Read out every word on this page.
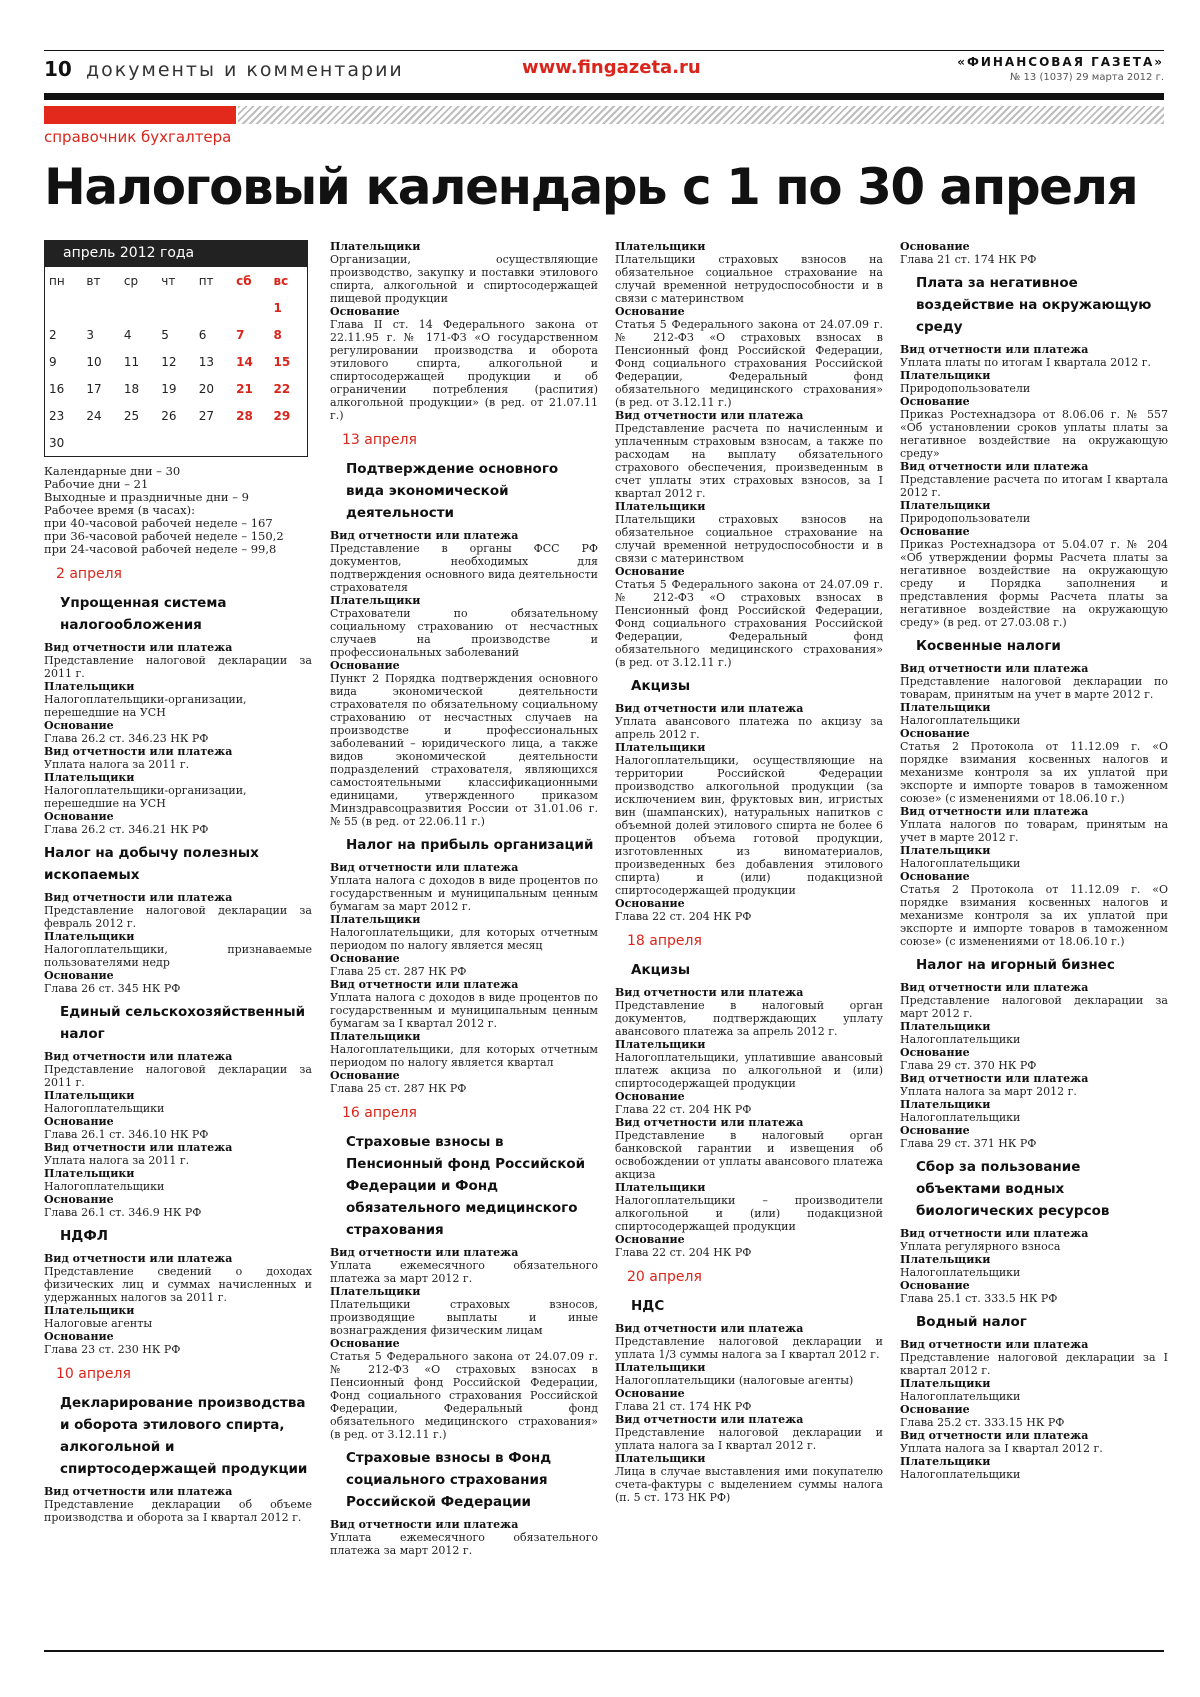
10 документы и комментарии	www.fingazeta.ru	«ФИНАНСОВАЯ ГАЗЕТА»
№ 13 (1037) 29 марта 2012 г.
справочник бухгалтера
Налоговый календарь с 1 по 30 апреля
апрель 2012 года
пн	вт	ср	чт	пт	сб	вс
						1
2	3	4	5	6	7	8
9	10	11	12	13	14	15
16	17	18	19	20	21	22
23	24	25	26	27	28	29
30						

Календарные дни – 30

Рабочие дни – 21

Выходные и праздничные дни – 9

Рабочее время (в часах):

при 40-часовой рабочей неделе – 167

при 36-часовой рабочей неделе – 150,2

при 24-часовой рабочей неделе – 99,8

2 апреля
Упрощенная система налогообложения
Вид отчетности или платежа
Представление налоговой декларации за 2011 г.
Плательщики
Налогоплательщики-организации, перешедшие на УСН
Основание
Глава 26.2 ст. 346.23 НК РФ
Вид отчетности или платежа
Уплата налога за 2011 г.
Плательщики
Налогоплательщики-организации, перешедшие на УСН
Основание
Глава 26.2 ст. 346.21 НК РФ
Налог на добычу полезных ископаемых
Вид отчетности или платежа
Представление налоговой декларации за февраль 2012 г.
Плательщики
Налогоплательщики, признаваемые пользователями недр
Основание
Глава 26 ст. 345 НК РФ
Единый сельскохозяйственный налог
Вид отчетности или платежа
Представление налоговой декларации за 2011 г.
Плательщики
Налогоплательщики
Основание
Глава 26.1 ст. 346.10 НК РФ
Вид отчетности или платежа
Уплата налога за 2011 г.
Плательщики
Налогоплательщики
Основание
Глава 26.1 ст. 346.9 НК РФ
НДФЛ
Вид отчетности или платежа
Представление сведений о доходах физических лиц и суммах начисленных и удержанных налогов за 2011 г.
Плательщики
Налоговые агенты
Основание
Глава 23 ст. 230 НК РФ
10 апреля
Декларирование производства и оборота этилового спирта, алкогольной и спиртосодержащей продукции
Вид отчетности или платежа
Представление декларации об объеме производства и оборота за I квартал 2012 г.
Плательщики
Организации, осуществляющие производство, закупку и поставки этилового спирта, алкогольной и спиртосодержащей пищевой продукции
Основание
Глава II ст. 14 Федерального закона от 22.11.95 г. № 171-ФЗ «О государственном регулировании производства и оборота этилового спирта, алкогольной и спиртосодержащей продукции и об ограничении потребления (распития) алкогольной продукции» (в ред. от 21.07.11 г.)
13 апреля
Подтверждение основного вида экономической деятельности
Вид отчетности или платежа
Представление в органы ФСС РФ документов, необходимых для подтверждения основного вида деятельности страхователя
Плательщики
Страхователи по обязательному социальному страхованию от несчастных случаев на производстве и профессиональных заболеваний
Основание
Пункт 2 Порядка подтверждения основного вида экономической деятельности страхователя по обязательному социальному страхованию от несчастных случаев на производстве и профессиональных заболеваний – юридического лица, а также видов экономической деятельности подразделений страхователя, являющихся самостоятельными классификационными единицами, утвержденного приказом Минздравсоцразвития России от 31.01.06 г. № 55 (в ред. от 22.06.11 г.)
Налог на прибыль организаций
Вид отчетности или платежа
Уплата налога с доходов в виде процентов по государственным и муниципальным ценным бумагам за март 2012 г.
Плательщики
Налогоплательщики, для которых отчетным периодом по налогу является месяц
Основание
Глава 25 ст. 287 НК РФ
Вид отчетности или платежа
Уплата налога с доходов в виде процентов по государственным и муниципальным ценным бумагам за I квартал 2012 г.
Плательщики
Налогоплательщики, для которых отчетным периодом по налогу является квартал
Основание
Глава 25 ст. 287 НК РФ
16 апреля
Страховые взносы в Пенсионный фонд Российской Федерации и Фонд обязательного медицинского страхования
Вид отчетности или платежа
Уплата ежемесячного обязательного платежа за март 2012 г.
Плательщики
Плательщики страховых взносов, производящие выплаты и иные вознаграждения физическим лицам
Основание
Статья 5 Федерального закона от 24.07.09 г. № 212-ФЗ «О страховых взносах в Пенсионный фонд Российской Федерации, Фонд социального страхования Российской Федерации, Федеральный фонд обязательного медицинского страхования» (в ред. от 3.12.11 г.)
Страховые взносы в Фонд социального страхования Российской Федерации
Вид отчетности или платежа
Уплата ежемесячного обязательного платежа за март 2012 г.
Плательщики
Плательщики страховых взносов на обязательное социальное страхование на случай временной нетрудоспособности и в связи с материнством
Основание
Статья 5 Федерального закона от 24.07.09 г. № 212-ФЗ «О страховых взносах в Пенсионный фонд Российской Федерации, Фонд социального страхования Российской Федерации, Федеральный фонд обязательного медицинского страхования» (в ред. от 3.12.11 г.)
Вид отчетности или платежа
Представление расчета по начисленным и уплаченным страховым взносам, а также по расходам на выплату обязательного страхового обеспечения, произведенным в счет уплаты этих страховых взносов, за I квартал 2012 г.
Плательщики
Плательщики страховых взносов на обязательное социальное страхование на случай временной нетрудоспособности и в связи с материнством
Основание
Статья 5 Федерального закона от 24.07.09 г. № 212-ФЗ «О страховых взносах в Пенсионный фонд Российской Федерации, Фонд социального страхования Российской Федерации, Федеральный фонд обязательного медицинского страхования» (в ред. от 3.12.11 г.)
Акцизы
Вид отчетности или платежа
Уплата авансового платежа по акцизу за апрель 2012 г.
Плательщики
Налогоплательщики, осуществляющие на территории Российской Федерации производство алкогольной продукции (за исключением вин, фруктовых вин, игристых вин (шампанских), натуральных напитков с объемной долей этилового спирта не более 6 процентов объема готовой продукции, изготовленных из виноматериалов, произведенных без добавления этилового спирта) и (или) подакцизной спиртосодержащей продукции
Основание
Глава 22 ст. 204 НК РФ
18 апреля
Акцизы
Вид отчетности или платежа
Представление в налоговый орган документов, подтверждающих уплату авансового платежа за апрель 2012 г.
Плательщики
Налогоплательщики, уплатившие авансовый платеж акциза по алкогольной и (или) спиртосодержащей продукции
Основание
Глава 22 ст. 204 НК РФ
Вид отчетности или платежа
Представление в налоговый орган банковской гарантии и извещения об освобождении от уплаты авансового платежа акциза
Плательщики
Налогоплательщики – производители алкогольной и (или) подакцизной спиртосодержащей продукции
Основание
Глава 22 ст. 204 НК РФ
20 апреля
НДС
Вид отчетности или платежа
Представление налоговой декларации и уплата 1/3 суммы налога за I квартал 2012 г.
Плательщики
Налогоплательщики (налоговые агенты)
Основание
Глава 21 ст. 174 НК РФ
Вид отчетности или платежа
Представление налоговой декларации и уплата налога за I квартал 2012 г.
Плательщики
Лица в случае выставления ими покупателю счета-фактуры с выделением суммы налога (п. 5 ст. 173 НК РФ)
Основание
Глава 21 ст. 174 НК РФ
Плата за негативное воздействие на окружающую среду
Вид отчетности или платежа
Уплата платы по итогам I квартала 2012 г.
Плательщики
Природопользователи
Основание
Приказ Ростехнадзора от 8.06.06 г. № 557 «Об установлении сроков уплаты платы за негативное воздействие на окружающую среду»
Вид отчетности или платежа
Представление расчета по итогам I квартала 2012 г.
Плательщики
Природопользователи
Основание
Приказ Ростехнадзора от 5.04.07 г. № 204 «Об утверждении формы Расчета платы за негативное воздействие на окружающую среду и Порядка заполнения и представления формы Расчета платы за негативное воздействие на окружающую среду» (в ред. от 27.03.08 г.)
Косвенные налоги
Вид отчетности или платежа
Представление налоговой декларации по товарам, принятым на учет в марте 2012 г.
Плательщики
Налогоплательщики
Основание
Статья 2 Протокола от 11.12.09 г. «О порядке взимания косвенных налогов и механизме контроля за их уплатой при экспорте и импорте товаров в таможенном союзе» (с изменениями от 18.06.10 г.)
Вид отчетности или платежа
Уплата налогов по товарам, принятым на учет в марте 2012 г.
Плательщики
Налогоплательщики
Основание
Статья 2 Протокола от 11.12.09 г. «О порядке взимания косвенных налогов и механизме контроля за их уплатой при экспорте и импорте товаров в таможенном союзе» (с изменениями от 18.06.10 г.)
Налог на игорный бизнес
Вид отчетности или платежа
Представление налоговой декларации за март 2012 г.
Плательщики
Налогоплательщики
Основание
Глава 29 ст. 370 НК РФ
Вид отчетности или платежа
Уплата налога за март 2012 г.
Плательщики
Налогоплательщики
Основание
Глава 29 ст. 371 НК РФ
Сбор за пользование объектами водных биологических ресурсов
Вид отчетности или платежа
Уплата регулярного взноса
Плательщики
Налогоплательщики
Основание
Глава 25.1 ст. 333.5 НК РФ
Водный налог
Вид отчетности или платежа
Представление налоговой декларации за I квартал 2012 г.
Плательщики
Налогоплательщики
Основание
Глава 25.2 ст. 333.15 НК РФ
Вид отчетности или платежа
Уплата налога за I квартал 2012 г.
Плательщики
Налогоплательщики
